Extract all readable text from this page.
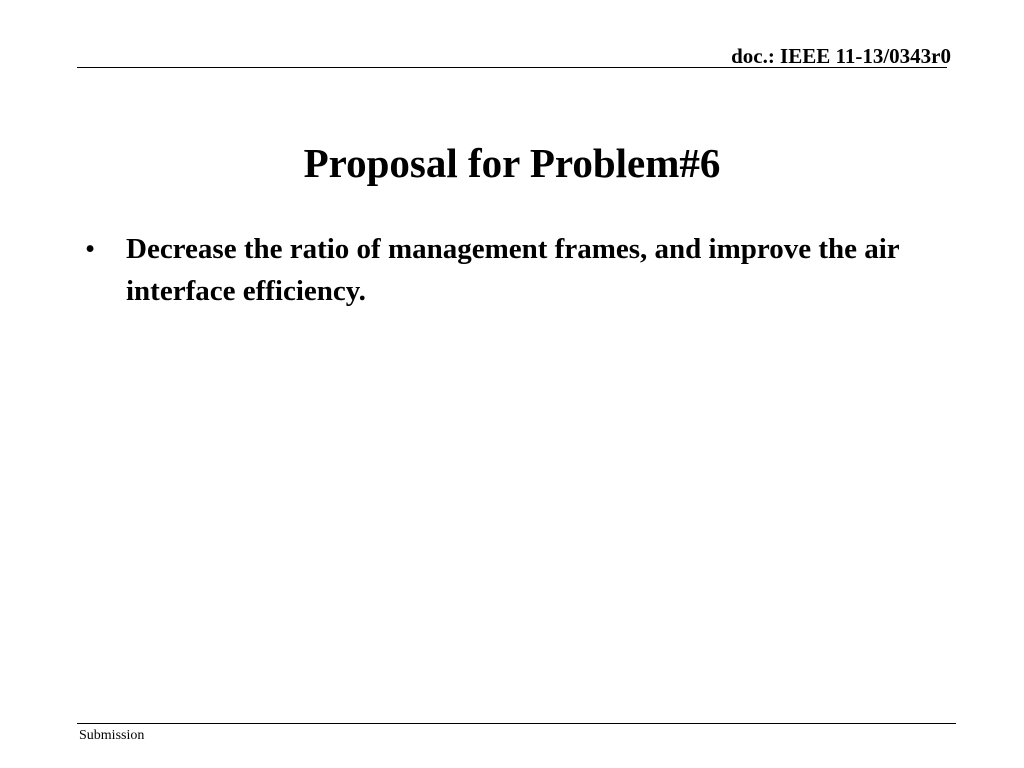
doc.: IEEE 11-13/0343r0
Proposal for Problem#6
• Decrease the ratio of management frames, and improve the air interface efficiency.
Submission
